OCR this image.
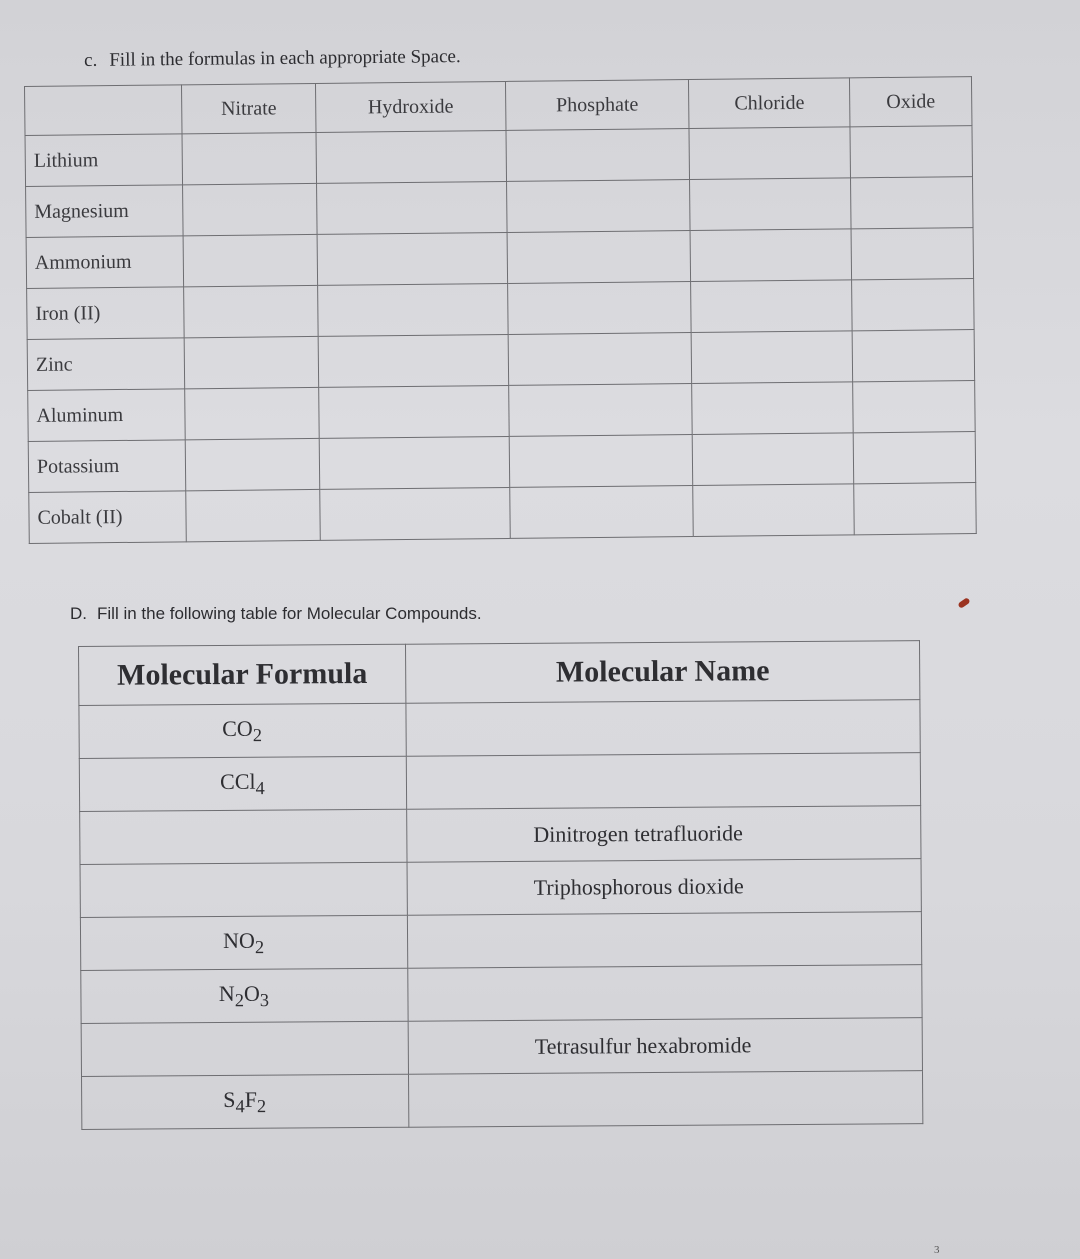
c. Fill in the formulas in each appropriate Space.
	Nitrate	Hydroxide	Phosphate	Chloride	Oxide
Lithium					
Magnesium					
Ammonium					
Iron (II)					
Zinc					
Aluminum					
Potassium					
Cobalt (II)					
D. Fill in the following table for Molecular Compounds.
Molecular Formula	Molecular Name
$CO_2$	
CCl$_4$	
	Dinitrogen tetrafluoride
	Triphosphorous dioxide
$NO_2$	
$N_2O_3$	
	Tetrasulfur hexabromide
$S_4F_2$	
3
